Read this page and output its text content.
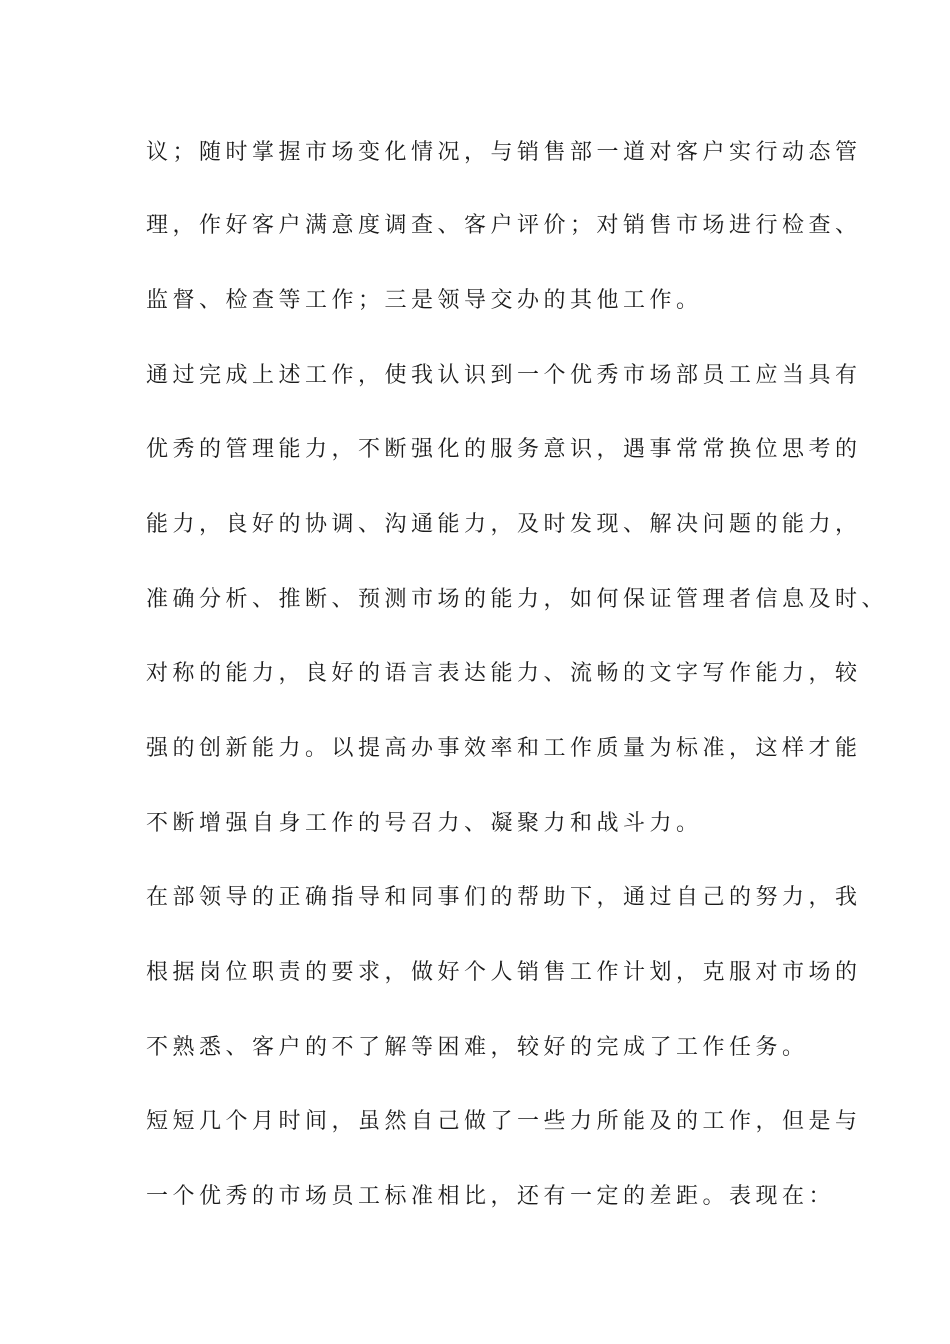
议；随时掌握市场变化情况，与销售部一道对客户实行动态管
理，作好客户满意度调查、客户评价；对销售市场进行检查、
监督、检查等工作；三是领导交办的其他工作。
通过完成上述工作，使我认识到一个优秀市场部员工应当具有
优秀的管理能力，不断强化的服务意识，遇事常常换位思考的
能力，良好的协调、沟通能力，及时发现、解决问题的能力，
准确分析、推断、预测市场的能力，如何保证管理者信息及时、
对称的能力，良好的语言表达能力、流畅的文字写作能力，较
强的创新能力。以提高办事效率和工作质量为标准，这样才能
不断增强自身工作的号召力、凝聚力和战斗力。
在部领导的正确指导和同事们的帮助下，通过自己的努力，我
根据岗位职责的要求，做好个人销售工作计划，克服对市场的
不熟悉、客户的不了解等困难，较好的完成了工作任务。
短短几个月时间，虽然自己做了一些力所能及的工作，但是与
一个优秀的市场员工标准相比，还有一定的差距。表现在：
